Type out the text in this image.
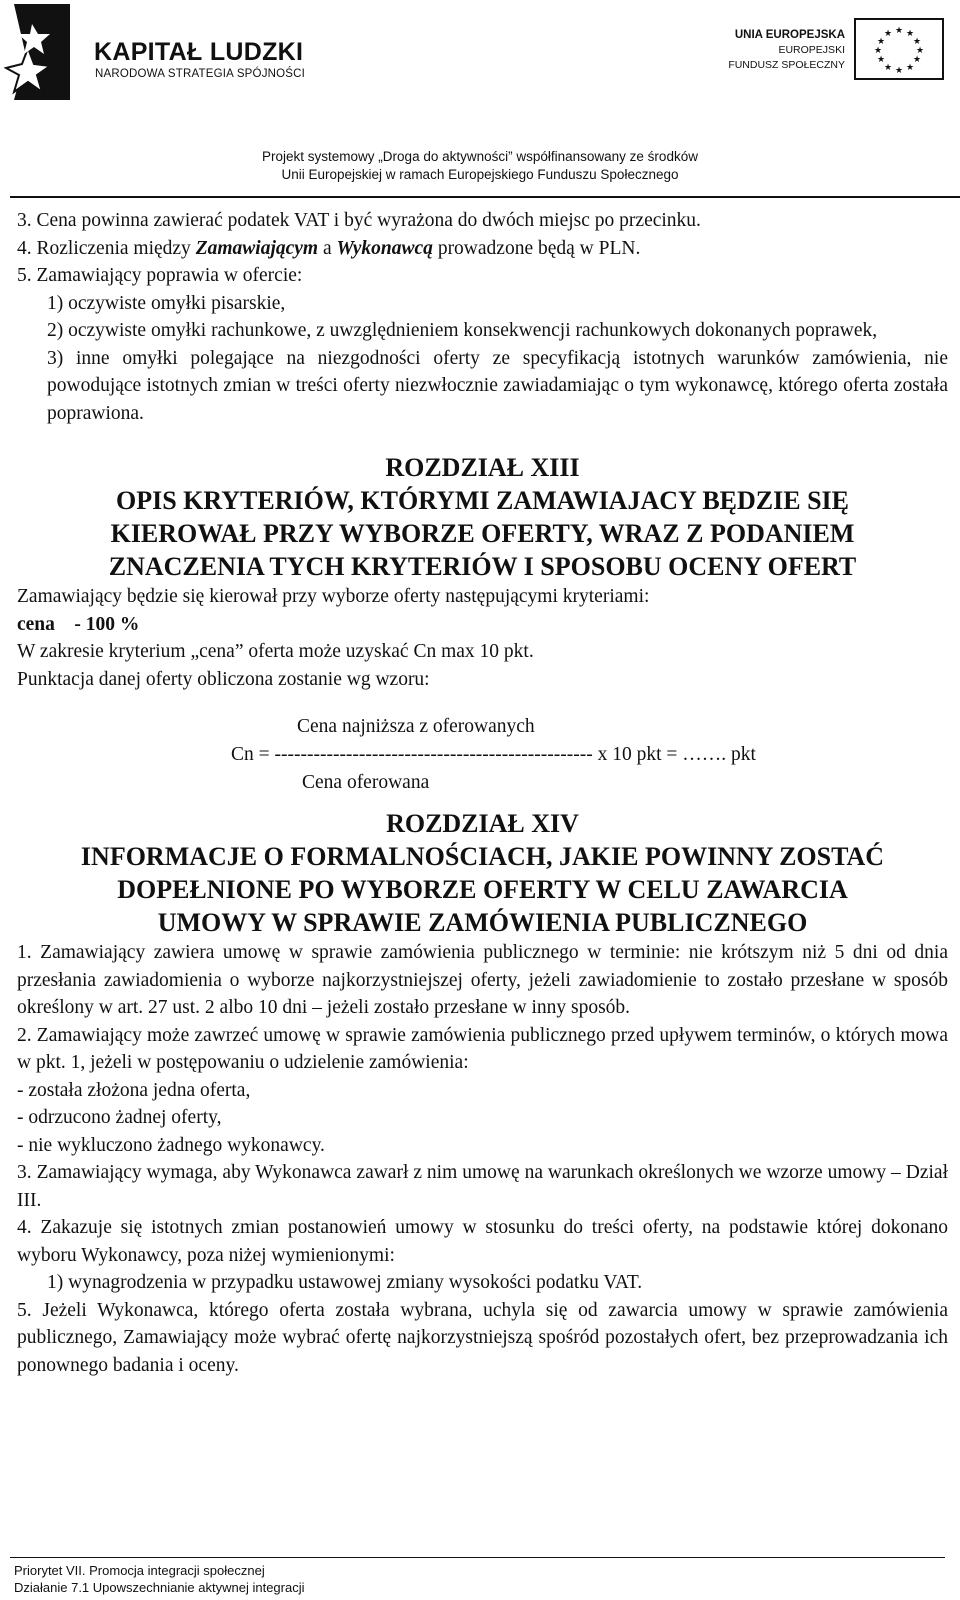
KAPITAŁ LUDZKI
NARODOWA STRATEGIA SPÓJNOŚCI
UNIA EUROPEJSKA
EUROPEJSKI
FUNDUSZ SPOŁECZNY
★ ★
★
★
★
★
★
★
★
★
★
★
Projekt systemowy „Droga do aktywności” współfinansowany ze środków
Unii Europejskiej w ramach Europejskiego Funduszu Społecznego

3. Cena powinna zawierać podatek VAT i być wyrażona do dwóch miejsc po przecinku.

4. Rozliczenia między Zamawiającym a Wykonawcą prowadzone będą w PLN.

5. Zamawiający poprawia w ofercie:

1) oczywiste omyłki pisarskie,

2) oczywiste omyłki rachunkowe, z uwzględnieniem konsekwencji rachunkowych dokonanych poprawek,

3) inne omyłki polegające na niezgodności oferty ze specyfikacją istotnych warunków zamówienia, nie powodujące istotnych zmian w treści oferty niezwłocznie zawiadamiając o tym wykonawcę, którego oferta została poprawiona.

ROZDZIAŁ XIII

OPIS KRYTERIÓW, KTÓRYMI ZAMAWIAJACY BĘDZIE SIĘ

KIEROWAŁ PRZY WYBORZE OFERTY, WRAZ Z PODANIEM

ZNACZENIA TYCH KRYTERIÓW I SPOSOBU OCENY OFERT

Zamawiający będzie się kierował przy wyborze oferty następującymi kryteriami:

cena    - 100 %

W zakresie kryterium „cena” oferta może uzyskać Cn max 10 pkt.

Punktacja danej oferty obliczona zostanie wg wzoru:

Cena najniższa z oferowanych
Cn = ------------------------------------------------- x 10 pkt = ……. pkt
Cena oferowana

ROZDZIAŁ XIV

INFORMACJE O FORMALNOŚCIACH, JAKIE POWINNY ZOSTAĆ

DOPEŁNIONE PO WYBORZE OFERTY W CELU ZAWARCIA

UMOWY W SPRAWIE ZAMÓWIENIA PUBLICZNEGO

1. Zamawiający zawiera umowę w sprawie zamówienia publicznego w terminie: nie krótszym niż 5 dni od dnia przesłania zawiadomienia o wyborze najkorzystniejszej oferty, jeżeli zawiadomienie to zostało przesłane w sposób określony w art. 27 ust. 2 albo 10 dni – jeżeli zostało przesłane w inny sposób.

2. Zamawiający może zawrzeć umowę w sprawie zamówienia publicznego przed upływem terminów, o których mowa w pkt. 1, jeżeli w postępowaniu o udzielenie zamówienia:

- została złożona jedna oferta,

- odrzucono żadnej oferty,

- nie wykluczono żadnego wykonawcy.

3. Zamawiający wymaga, aby Wykonawca zawarł z nim umowę na warunkach określonych we wzorze umowy – Dział III.

4. Zakazuje się istotnych zmian postanowień umowy w stosunku do treści oferty, na podstawie której dokonano wyboru Wykonawcy, poza niżej wymienionymi:

1) wynagrodzenia w przypadku ustawowej zmiany wysokości podatku VAT.

5. Jeżeli Wykonawca, którego oferta została wybrana, uchyla się od zawarcia umowy w sprawie zamówienia publicznego, Zamawiający może wybrać ofertę najkorzystniejszą spośród pozostałych ofert, bez przeprowadzania ich ponownego badania i oceny.

Priorytet VII. Promocja integracji społecznej
Działanie 7.1 Upowszechnianie aktywnej integracji
